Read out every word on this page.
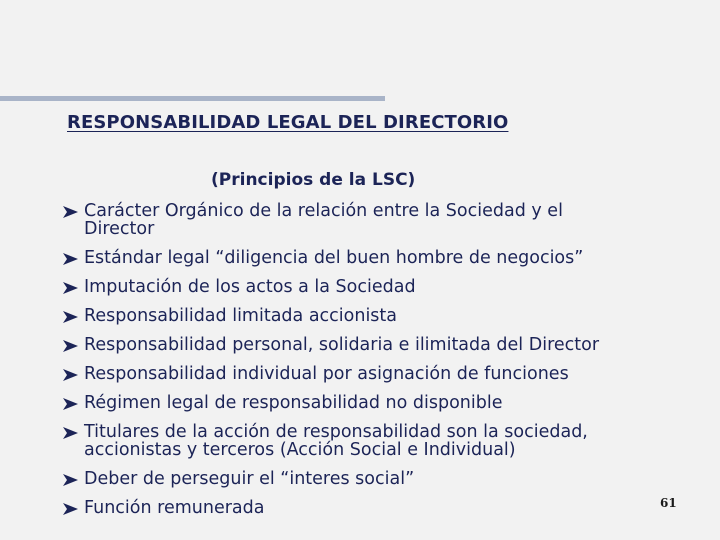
RESPONSABILIDAD LEGAL DEL DIRECTORIO
(Principios de la LSC)
Carácter Orgánico de la relación entre la Sociedad y el
Director
Estándar legal “diligencia del buen hombre de negocios”
Imputación de los actos a la Sociedad
Responsabilidad limitada accionista
Responsabilidad personal, solidaria e ilimitada del Director
Responsabilidad individual por asignación de funciones
Régimen legal de responsabilidad no disponible
Titulares de la acción de responsabilidad son la sociedad,
accionistas y terceros (Acción Social e Individual)
Deber de perseguir el “interes social”
Función remunerada	61
